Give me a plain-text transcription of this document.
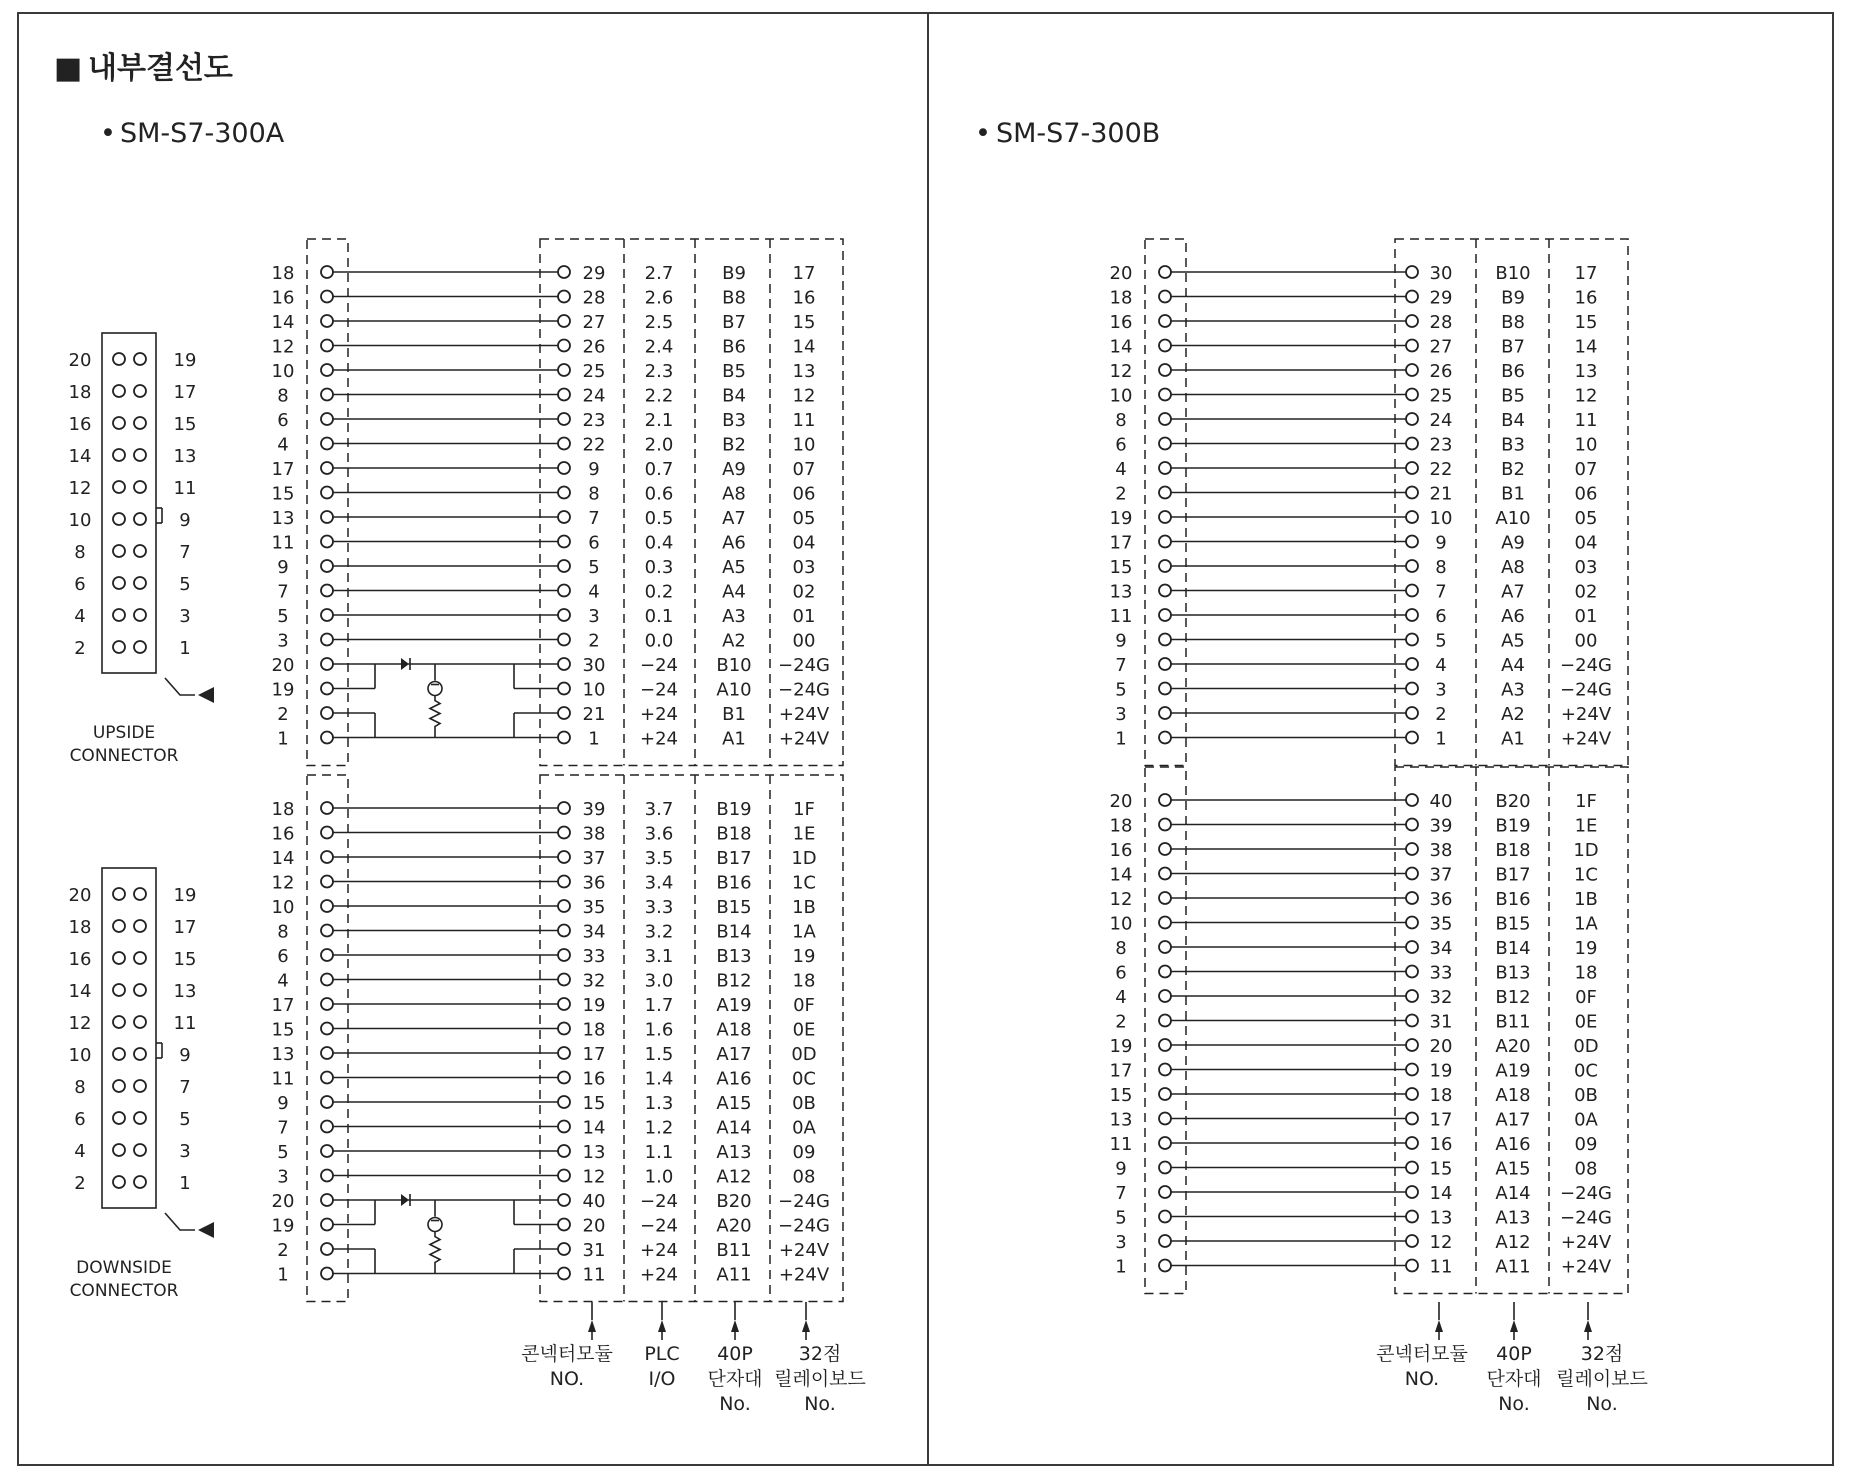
■ 내부결선도
• SM-S7-300A	• SM-S7-300B
UPSIDE
CONNECTOR
DOWNSIDE
CONNECTOR
18	29 2.7	B9	17
16	28 2.6	B8	16
14	27 2.5	B7	15
12	26 2.4	B6	14
10	25 2.3	B5	13
8	24 2.2	B4	12
6	23 2.1	B3	11
4	22 2.0	B2	10
17	9 0.7	A9	07
15	8 0.6	A8	06
13	7 0.5	A7	05
11	6 0.4	A6	04
9	5 0.3	A5	03
7	4 0.2	A4	02
5	3 0.1	A3	01
3	2 0.0	A2	00
20	30 −24 B10 −24G
19	10 −24 A10 −24G
2	21 +24 B1 +24V
1	1 +24 A1 +24V
18	39 3.7 B19 1F
16	38 3.6 B18 1E
14	37 3.5 B17 1D
12	36 3.4 B16 1C
10	35 3.3 B15 1B
8	34 3.2 B14 1A
6	33 3.1 B13 19
4	32 3.0 B12 18
17	19 1.7 A19 0F
15	18 1.6 A18 0E
13	17 1.5 A17 0D
11	16 1.4 A16 0C
9	15 1.3 A15 0B
7	14 1.2 A14 0A
5	13 1.1 A13 09
3	12 1.0 A12 08
20	40 −24 B20 −24G
19	20 −24 A20 −24G
2	31 +24 B11 +24V
1	11 +24 A11 +24V
20	19
18	17
16	15
14	13
12	11
10	9
8	7
6	5
4	3
2	1
20	19
18	17
16	15
14	13
12	11
10	9
8	7
6	5
4	3
2	1
콘넥터모듈
NO.
PLC
I/O
40P
단자대
No.
32점
릴레이보드
No.
20	30 B10 17
18	29	B9	16
16	28	B8	15
14	27	B7	14
12	26	B6	13
10	25	B5	12
8	24	B4	11
6	23	B3	10
4	22	B2	07
2	21	B1	06
19	10 A10 05
17	9	A9	04
15	8	A8	03
13	7	A7	02
11	6	A6	01
9	5	A5	00
7	4	A4 −24G
5	3	A3 −24G
3	2	A2 +24V
1	1	A1 +24V
20	40 B20 1F
18	39 B19 1E
16	38 B18 1D
14	37 B17 1C
12	36 B16 1B
10	35 B15 1A
8	34 B14 19
6	33 B13 18
4	32 B12 0F
2	31 B11 0E
19	20 A20 0D
17	19 A19 0C
15	18 A18 0B
13	17 A17 0A
11	16 A16 09
9	15 A15 08
7	14 A14 −24G
5	13 A13 −24G
3	12 A12 +24V
1	11 A11 +24V
콘넥터모듈
NO.
40P
단자대
No.
32점
릴레이보드
No.
